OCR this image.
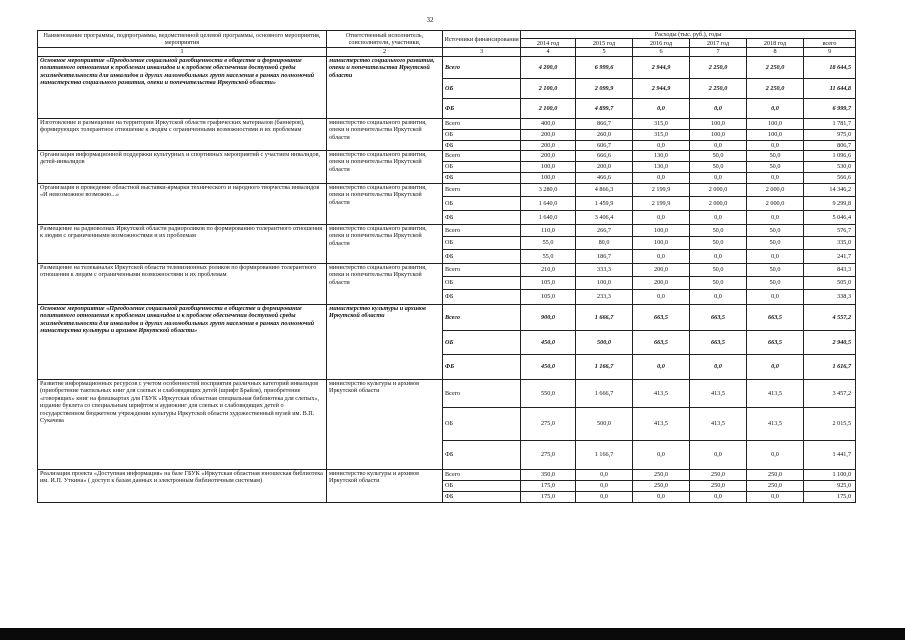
32
Наименование программы, подпрограммы, ведомственной целевой программы, основного мероприятия, мероприятия	Ответственный исполнитель, соисполнители, участники,	Источники финансирования	Расходы (тыс. руб.), годы					
			2014 год	2015 год	2016 год	2017 год	2018 год	всего
1	2	3	4	5	6	7	8	9
Основное мероприятие «Преодоление социальной разобщенности в обществе и формирование позитивного отношения к проблемам инвалидов и к проблеме обеспечения доступной среды жизнедеятельности для инвалидов и других маломобильных групп населения в рамках полномочий министерства социального развития, опеки и попечительства Иркутской области»	министерство социального развития, опеки и попечительства Иркутской области	Всего	4 200,0	6 999,6	2 944,9	2 250,0	2 250,0	18 644,5
		ОБ	2 100,0	2 099,9	2 944,9	2 250,0	2 250,0	11 644,8
		ФБ	2 100,0	4 899,7	0,0	0,0	0,0	6 999,7
Изготовление и размещение на территории Иркутской области графических материалов (баннеров), формирующих толерантное отношение к людям с ограниченными возможностями и их проблемам	министерство социального развития, опеки и попечительства Иркутской области	Всего	400,0	866,7	315,0	100,0	100,0	1 781,7
		ОБ	200,0	260,0	315,0	100,0	100,0	975,0
		ФБ	200,0	606,7	0,0	0,0	0,0	806,7
Организация информационной поддержки культурных и спортивных мероприятий с участием инвалидов, детей-инвалидов	министерство социального развития, опеки и попечительства Иркутской области	Всего	200,0	666,6	130,0	50,0	50,0	1 096,6
		ОБ	100,0	200,0	130,0	50,0	50,0	530,0
		ФБ	100,0	466,6	0,0	0,0	0,0	566,6
Организация и проведение областной выставки-ярмарки технического и народного творчества инвалидов «И невозможное возможно...»	министерство социального развития, опеки и попечительства Иркутской области	Всего	3 280,0	4 866,3	2 199,9	2 000,0	2 000,0	14 346,2
		ОБ	1 640,0	1 459,9	2 199,9	2 000,0	2 000,0	9 299,8
		ФБ	1 640,0	3 406,4	0,0	0,0	0,0	5 046,4
Размещение на радиоволнах Иркутской области радиороликов по формированию толерантного отношения к людям с ограниченными возможностями и их проблемам	министерство социального развития, опеки и попечительства Иркутской области	Всего	110,0	266,7	100,0	50,0	50,0	576,7
		ОБ	55,0	80,0	100,0	50,0	50,0	335,0
		ФБ	55,0	186,7	0,0	0,0	0,0	241,7
Размещение на телеканалах Иркутской области телевизионных роликов по формированию толерантного отношения к людям с ограниченными возможностями и их проблемам	министерство социального развития, опеки и попечительства Иркутской области	Всего	210,0	333,3	200,0	50,0	50,0	843,3
		ОБ	105,0	100,0	200,0	50,0	50,0	505,0
		ФБ	105,0	233,3	0,0	0,0	0,0	338,3
Основное мероприятие «Преодоление социальной разобщенности в обществе и формирование позитивного отношения к проблемам инвалидов и к проблеме обеспечения доступной среды жизнедеятельности для инвалидов и других маломобильных групп населения в рамках полномочий министерства культуры и архивов Иркутской области»	министерство культуры и архивов Иркутской области	Всего	900,0	1 666,7	663,5	663,5	663,5	4 557,2
		ОБ	450,0	500,0	663,5	663,5	663,5	2 940,5
		ФБ	450,0	1 166,7	0,0	0,0	0,0	1 616,7
Развитие информационных ресурсов с учетом особенностей восприятия различных категорий инвалидов (приобретение тактильных книг для слепых и слабовидящих детей (шрифт Брайля), приобретение «говорящих» книг на флешкартах для ГБУК «Иркутская областная специальная библиотека для слепых», издание буклета со специальным шрифтом и аудиокниг для слепых и слабовидящих детей о государственном бюджетном учреждении культуры Иркутской области художественный музей им. В.П. Сукачева	министерство культуры и архивов Иркутской области	Всего	550,0	1 666,7	413,5	413,5	413,5	3 457,2
		ОБ	275,0	500,0	413,5	413,5	413,5	2 015,5
		ФБ	275,0	1 166,7	0,0	0,0	0,0	1 441,7
Реализация проекта «Доступная информация» на базе ГБУК «Иркутская областная юношеская библиотека им. И.П. Уткина» ( доступ к базам данных и электронным библиотечным системам)	министерство культуры и архивов Иркутской области	Всего	350,0	0,0	250,0	250,0	250,0	1 100,0
		ОБ	175,0	0,0	250,0	250,0	250,0	925,0
		ФБ	175,0	0,0	0,0	0,0	0,0	175,0
